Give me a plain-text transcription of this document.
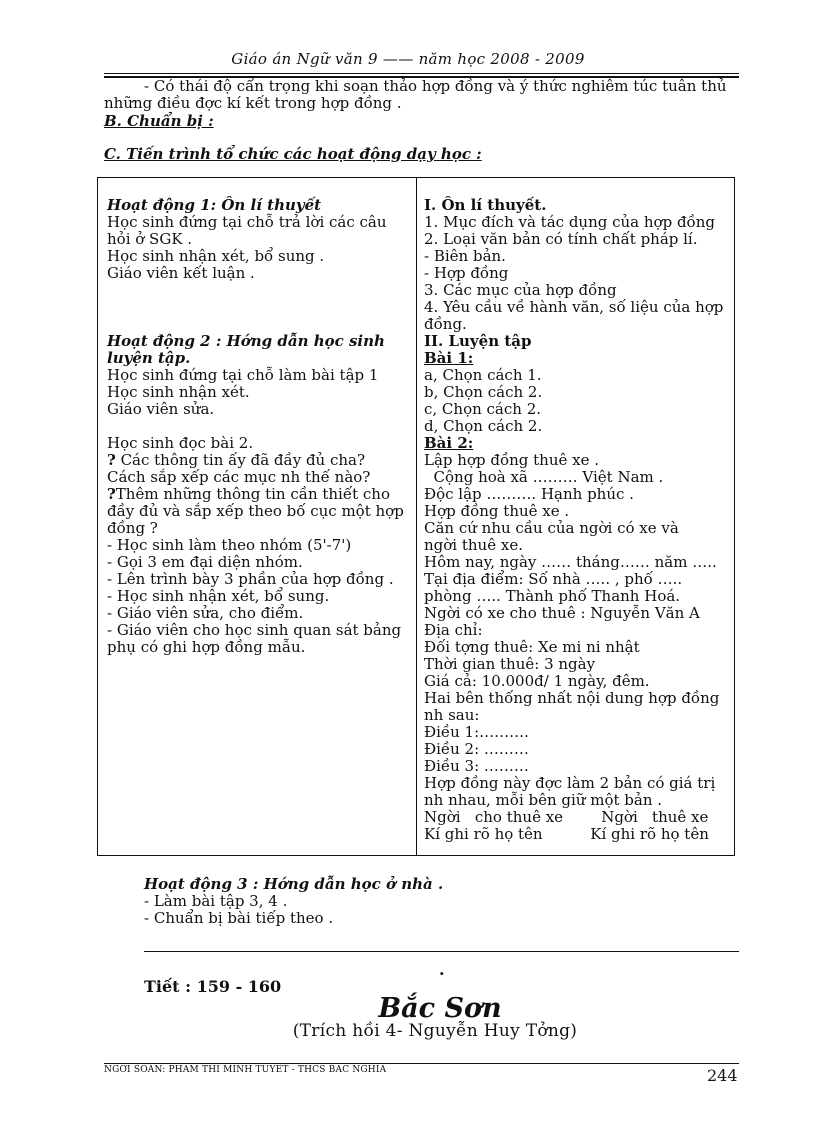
Giáo án Ngữ văn 9 —— năm học 2008 - 2009
- Có thái độ cẩn trọng khi soạn thảo hợp đồng và ý thức nghiêm túc tuân thủ
những điều đợc kí kết trong hợp đồng .
B. Chuẩn bị :
C. Tiến trình tổ chức các hoạt động dạy học :
Hoạt động 1: Ôn lí thuyết
Học sinh đứng tại chỗ trả lời các câu
hỏi ở SGK .
Học sinh nhận xét, bổ sung .
Giáo viên kết luận .
Hoạt động 2 : Hớng dẫn học sinh
luyện tập.
Học sinh đứng tại chỗ làm bài tập 1
Học sinh nhận xét.
Giáo viên sửa.

Học sinh đọc bài 2.
? Các thông tin ấy đã đầy đủ cha?
Cách sắp xếp các mục nh thế nào?
?Thêm những thông tin cần thiết cho
đầy đủ và sắp xếp theo bố cục một hợp
đồng ?
- Học sinh làm theo nhóm (5'-7')
- Gọi 3 em đại diện nhóm.
- Lên trình bày 3 phần của hợp đồng .
- Học sinh nhận xét, bổ sung.
- Giáo viên sửa, cho điểm.
- Giáo viên cho học sinh quan sát bảng
phụ có ghi hợp đồng mẫu.
I. Ôn lí thuyết.
1. Mục đích và tác dụng của hợp đồng
2. Loại văn bản có tính chất pháp lí.
- Biên bản.
- Hợp đồng
3. Các mục của hợp đồng
4. Yêu cầu về hành văn, số liệu của hợp
đồng.
II. Luyện tập
Bài 1:
a, Chọn cách 1.
b, Chọn cách 2.
c, Chọn cách 2.
d, Chọn cách 2.
Bài 2:
Lập hợp đồng thuê xe .
Cộng hoà xã ……… Việt Nam .
Độc lập ………. Hạnh phúc .
Hợp đồng thuê xe .
Căn cứ nhu cầu của ngời có xe và
ngời thuê xe.
Hôm nay, ngày …… tháng…… năm …..
Tại địa điểm: Số nhà ….. , phố …..
phòng ….. Thành phố Thanh Hoá.
Ngời có xe cho thuê : Nguyễn Văn A
Địa chỉ:
Đối tợng thuê: Xe mi ni nhật
Thời gian thuê: 3 ngày
Giá cả: 10.000đ/ 1 ngày, đêm.
Hai bên thống nhất nội dung hợp đồng
nh sau:
Điều 1:……….
Điều 2: ………
Điều 3: ………
Hợp đồng này đợc làm 2 bản có giá trị
nh nhau, mỗi bên giữ một bản .
Ngời   cho thuê xe        Ngời   thuê xe
Kí ghi rõ họ tên          Kí ghi rõ họ tên
Hoạt động 3 : Hớng dẫn học ở nhà .
- Làm bài tập 3, 4 .
- Chuẩn bị bài tiếp theo .
.
Tiết : 159 - 160
Bắc Sơn
(Trích hồi 4- Nguyễn Huy Tởng)
NGỜI SOẠN: PHẠM THỊ MINH TUYẾT - THCS BẮC NGHĨA	244
